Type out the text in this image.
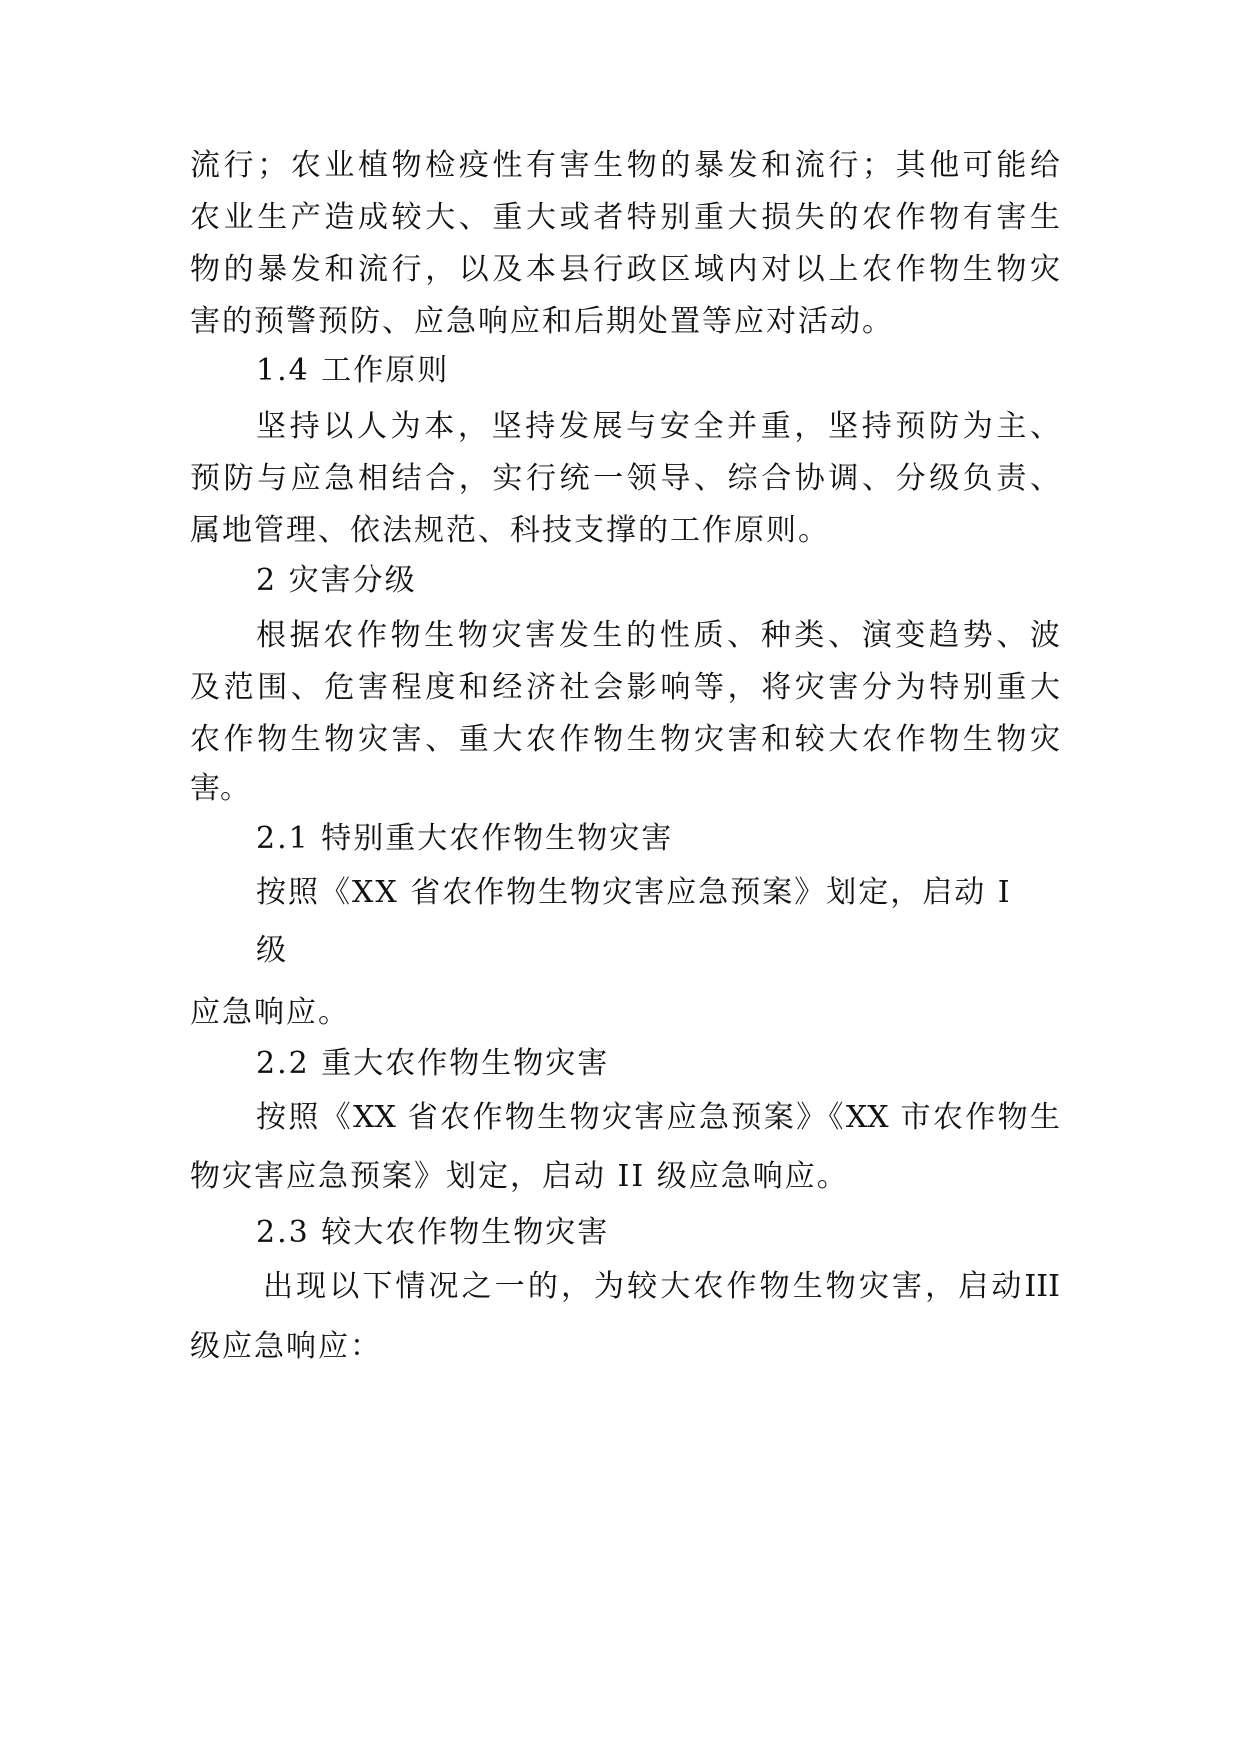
流行；农业植物检疫性有害生物的暴发和流行；其他可能给

农业生产造成较大、重大或者特别重大损失的农作物有害生

物的暴发和流行，以及本县行政区域内对以上农作物生物灾

害的预警预防、应急响应和后期处置等应对活动。

1.4 工作原则

坚持以人为本，坚持发展与安全并重，坚持预防为主、

预防与应急相结合，实行统一领导、综合协调、分级负责、

属地管理、依法规范、科技支撑的工作原则。

2 灾害分级

根据农作物生物灾害发生的性质、种类、演变趋势、波

及范围、危害程度和经济社会影响等，将灾害分为特别重大

农作物生物灾害、重大农作物生物灾害和较大农作物生物灾

害。

2.1 特别重大农作物生物灾害

按照《XX 省农作物生物灾害应急预案》划定，启动 I

级

应急响应。

2.2 重大农作物生物灾害

按照《XX 省农作物生物灾害应急预案》《XX 市农作物生

物灾害应急预案》划定，启动 II 级应急响应。

2.3 较大农作物生物灾害

出现以下情况之一的，为较大农作物生物灾害，启动III

级应急响应：
